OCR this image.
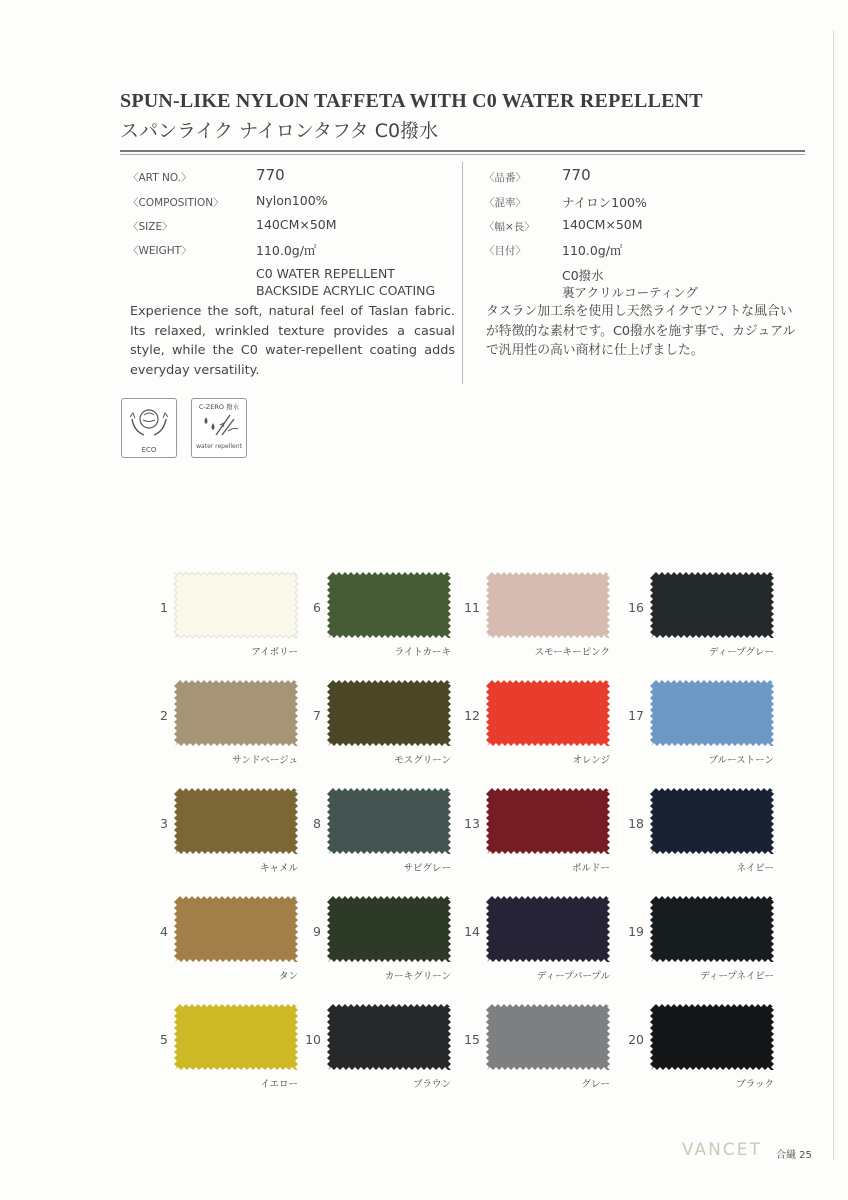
SPUN-LIKE NYLON TAFFETA WITH C0 WATER REPELLENT
スパンライク ナイロンタフタ C0撥水
〈ART NO.〉	770
〈COMPOSITION〉	Nylon100%
〈SIZE〉	140CM×50M
〈WEIGHT〉	110.0g/㎡
C0 WATER REPELLENT
BACKSIDE ACRYLIC COATING
〈品番〉 770
〈混率〉	ナイロン100%
〈幅×長〉 140CM×50M
〈目付〉	110.0g/㎡
C0撥水
裏アクリルコーティング

Experience the soft, natural feel of Taslan fabric. Its relaxed, wrinkled texture provides a casual style, while the C0 water-repellent coating adds everyday versatility.

タスラン加工糸を使用し天然ライクでソフトな風合いが特徴的な素材です。C0撥水を施す事で、カジュアルで汎用性の高い商材に仕上げました。

ECO
C-ZERO 撥水
water repellent
1
アイボリー
2
サンドベージュ
3
キャメル
4
タン
5
イエロー
6
ライトカーキ
7
モスグリーン
8
サビグレー
9
カーキグリーン
10
ブラウン
11
スモーキーピンク
12
オレンジ
13
ボルドー
14
ディープパープル
15
グレー
16
ディープグレー
17
ブルーストーン
18
ネイビー
19
ディープネイビー
20
ブラック
VANCET 合繊 25
